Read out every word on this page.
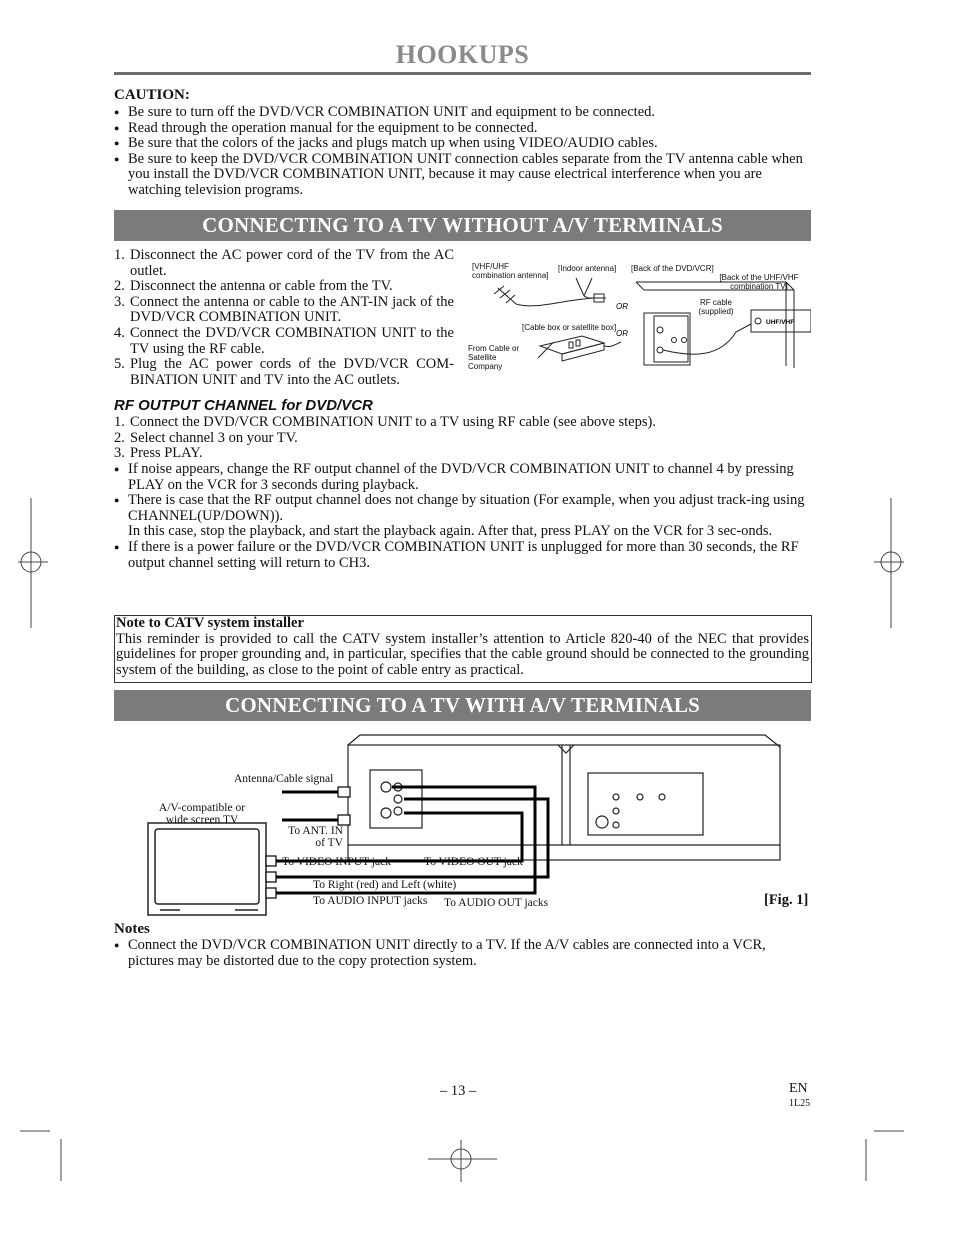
HOOKUPS
CAUTION:
● Be sure to turn off the DVD/VCR COMBINATION UNIT and equipment to be connected.
● Read through the operation manual for the equipment to be connected.
● Be sure that the colors of the jacks and plugs match up when using VIDEO/AUDIO cables.
● Be sure to keep the DVD/VCR COMBINATION UNIT connection cables separate from the TV antenna cable when you install the DVD/VCR COMBINATION UNIT, because it may cause electrical interference when you are watching television programs.
CONNECTING TO A TV WITHOUT A/V TERMINALS
1. Disconnect the AC power cord of the TV from the AC outlet.
2. Disconnect the antenna or cable from the TV.
3. Connect the antenna or cable to the ANT-IN jack of the DVD/VCR COMBINATION UNIT.
4. Connect the DVD/VCR COMBINATION UNIT to the TV using the RF cable.
5. Plug the AC power cords of the DVD/VCR COM-BINATION UNIT and TV into the AC outlets.
OR
OR
UHF/VHF
[VHF/UHF combination antenna]
[Indoor antenna] [Back of the DVD/VCR]
[Back of the UHF/VHF combination TV]
RF cable (supplied)
[Cable box or satellite box]
From Cable or Satellite Company
RF OUTPUT CHANNEL for DVD/VCR
1. Connect the DVD/VCR COMBINATION UNIT to a TV using RF cable (see above steps).
2. Select channel 3 on your TV.
3. Press PLAY.
● If noise appears, change the RF output channel of the DVD/VCR COMBINATION UNIT to channel 4 by pressing PLAY on the VCR for 3 seconds during playback.
● There is case that the RF output channel does not change by situation (For example, when you adjust track-ing using CHANNEL(UP/DOWN)).
In this case, stop the playback, and start the playback again. After that, press PLAY on the VCR for 3 sec-onds.
● If there is a power failure or the DVD/VCR COMBINATION UNIT is unplugged for more than 30 seconds, the RF output channel setting will return to CH3.
Note to CATV system installer
This reminder is provided to call the CATV system installer’s attention to Article 820-40 of the NEC that provides guidelines for proper grounding and, in particular, specifies that the cable ground should be connected to the grounding system of the building, as close to the point of cable entry as practical.
CONNECTING TO A TV WITH A/V TERMINALS
Antenna/Cable signal
A/V-compatible or wide screen TV
To ANT. IN of TV
To VIDEO INPUT jack	To VIDEO OUT jack
To Right (red) and Left (white)
To AUDIO INPUT jacks To AUDIO OUT jacks	[Fig. 1]
Notes
● Connect the DVD/VCR COMBINATION UNIT directly to a TV. If the A/V cables are connected into a VCR, pictures may be distorted due to the copy protection system.
– 13 –	EN
1L25
